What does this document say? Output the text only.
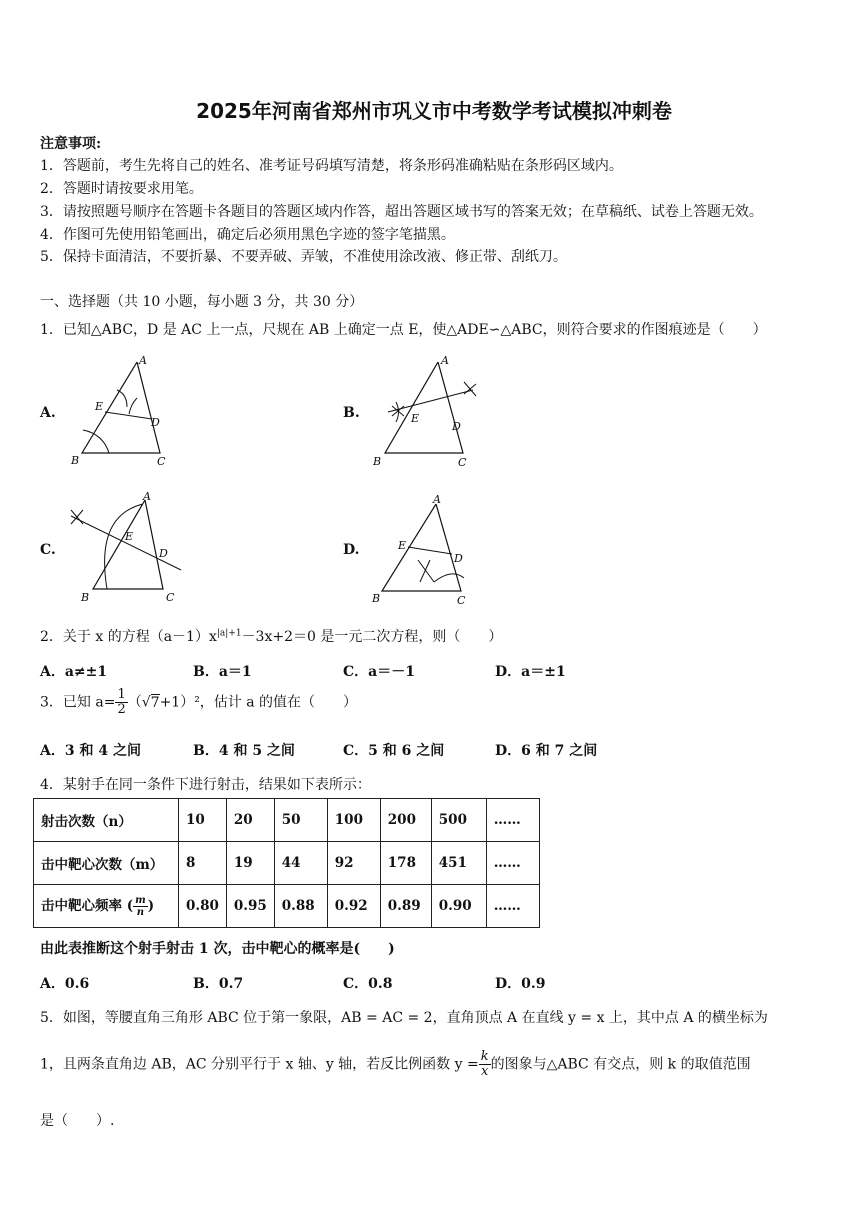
2025年河南省郑州市巩义市中考数学考试模拟冲刺卷
注意事项:
1．答题前，考生先将自己的姓名、准考证号码填写清楚，将条形码准确粘贴在条形码区域内。
2．答题时请按要求用笔。
3．请按照题号顺序在答题卡各题目的答题区域内作答，超出答题区域书写的答案无效；在草稿纸、试卷上答题无效。
4．作图可先使用铅笔画出，确定后必须用黑色字迹的签字笔描黑。
5．保持卡面清洁，不要折暴、不要弄破、弄皱，不准使用涂改液、修正带、刮纸刀。
一、选择题（共 10 小题，每小题 3 分，共 30 分）
1．已知△ABC，D 是 AC 上一点，尺规在 AB 上确定一点 E，使△ADE∽△ABC，则符合要求的作图痕迹是（　　）
A.
A
B	C
D
E	B.
A
B	C
D
E
C.
A
B	C
D
E
D.
A
B	C
D
E
2．关于 x 的方程$(a-1)x^{|a|+1}-3x+2=0$ 是一元二次方程，则（　　）
A．a≠±1	B．a＝1	C．a＝－1	D．a＝±1
3．已知 $a= \frac{1}{2} (√7+1)^2$，估计 a 的值在（　　）
A．3 和 4 之间	B．4 和 5 之间	C．5 和 6 之间	D．6 和 7 之间
4．某射手在同一条件下进行射击，结果如下表所示：
射击次数（n）	10	20	50	100	200	500	……
击中靶心次数（m）	8	19	44	92	178	451	……
击中靶心频率 ( $\frac{m}{n}$ )	0.80	0.95	0.88	0.92	0.89	0.90	……
由此表推断这个射手射击 1 次，击中靶心的概率是(　　)
A．0.6	B．0.7	C．0.8	D．0.9
5．如图，等腰直角三角形 ABC 位于第一象限，AB = AC = 2，直角顶点 A 在直线 y = x 上，其中点 A 的横坐标为
1，且两条直角边 AB，AC 分别平行于 x 轴、y 轴，若反比例函数 $y = \frac{k}{x}$ 的图象与△ABC 有交点，则 k 的取值范围
是（　　）.
